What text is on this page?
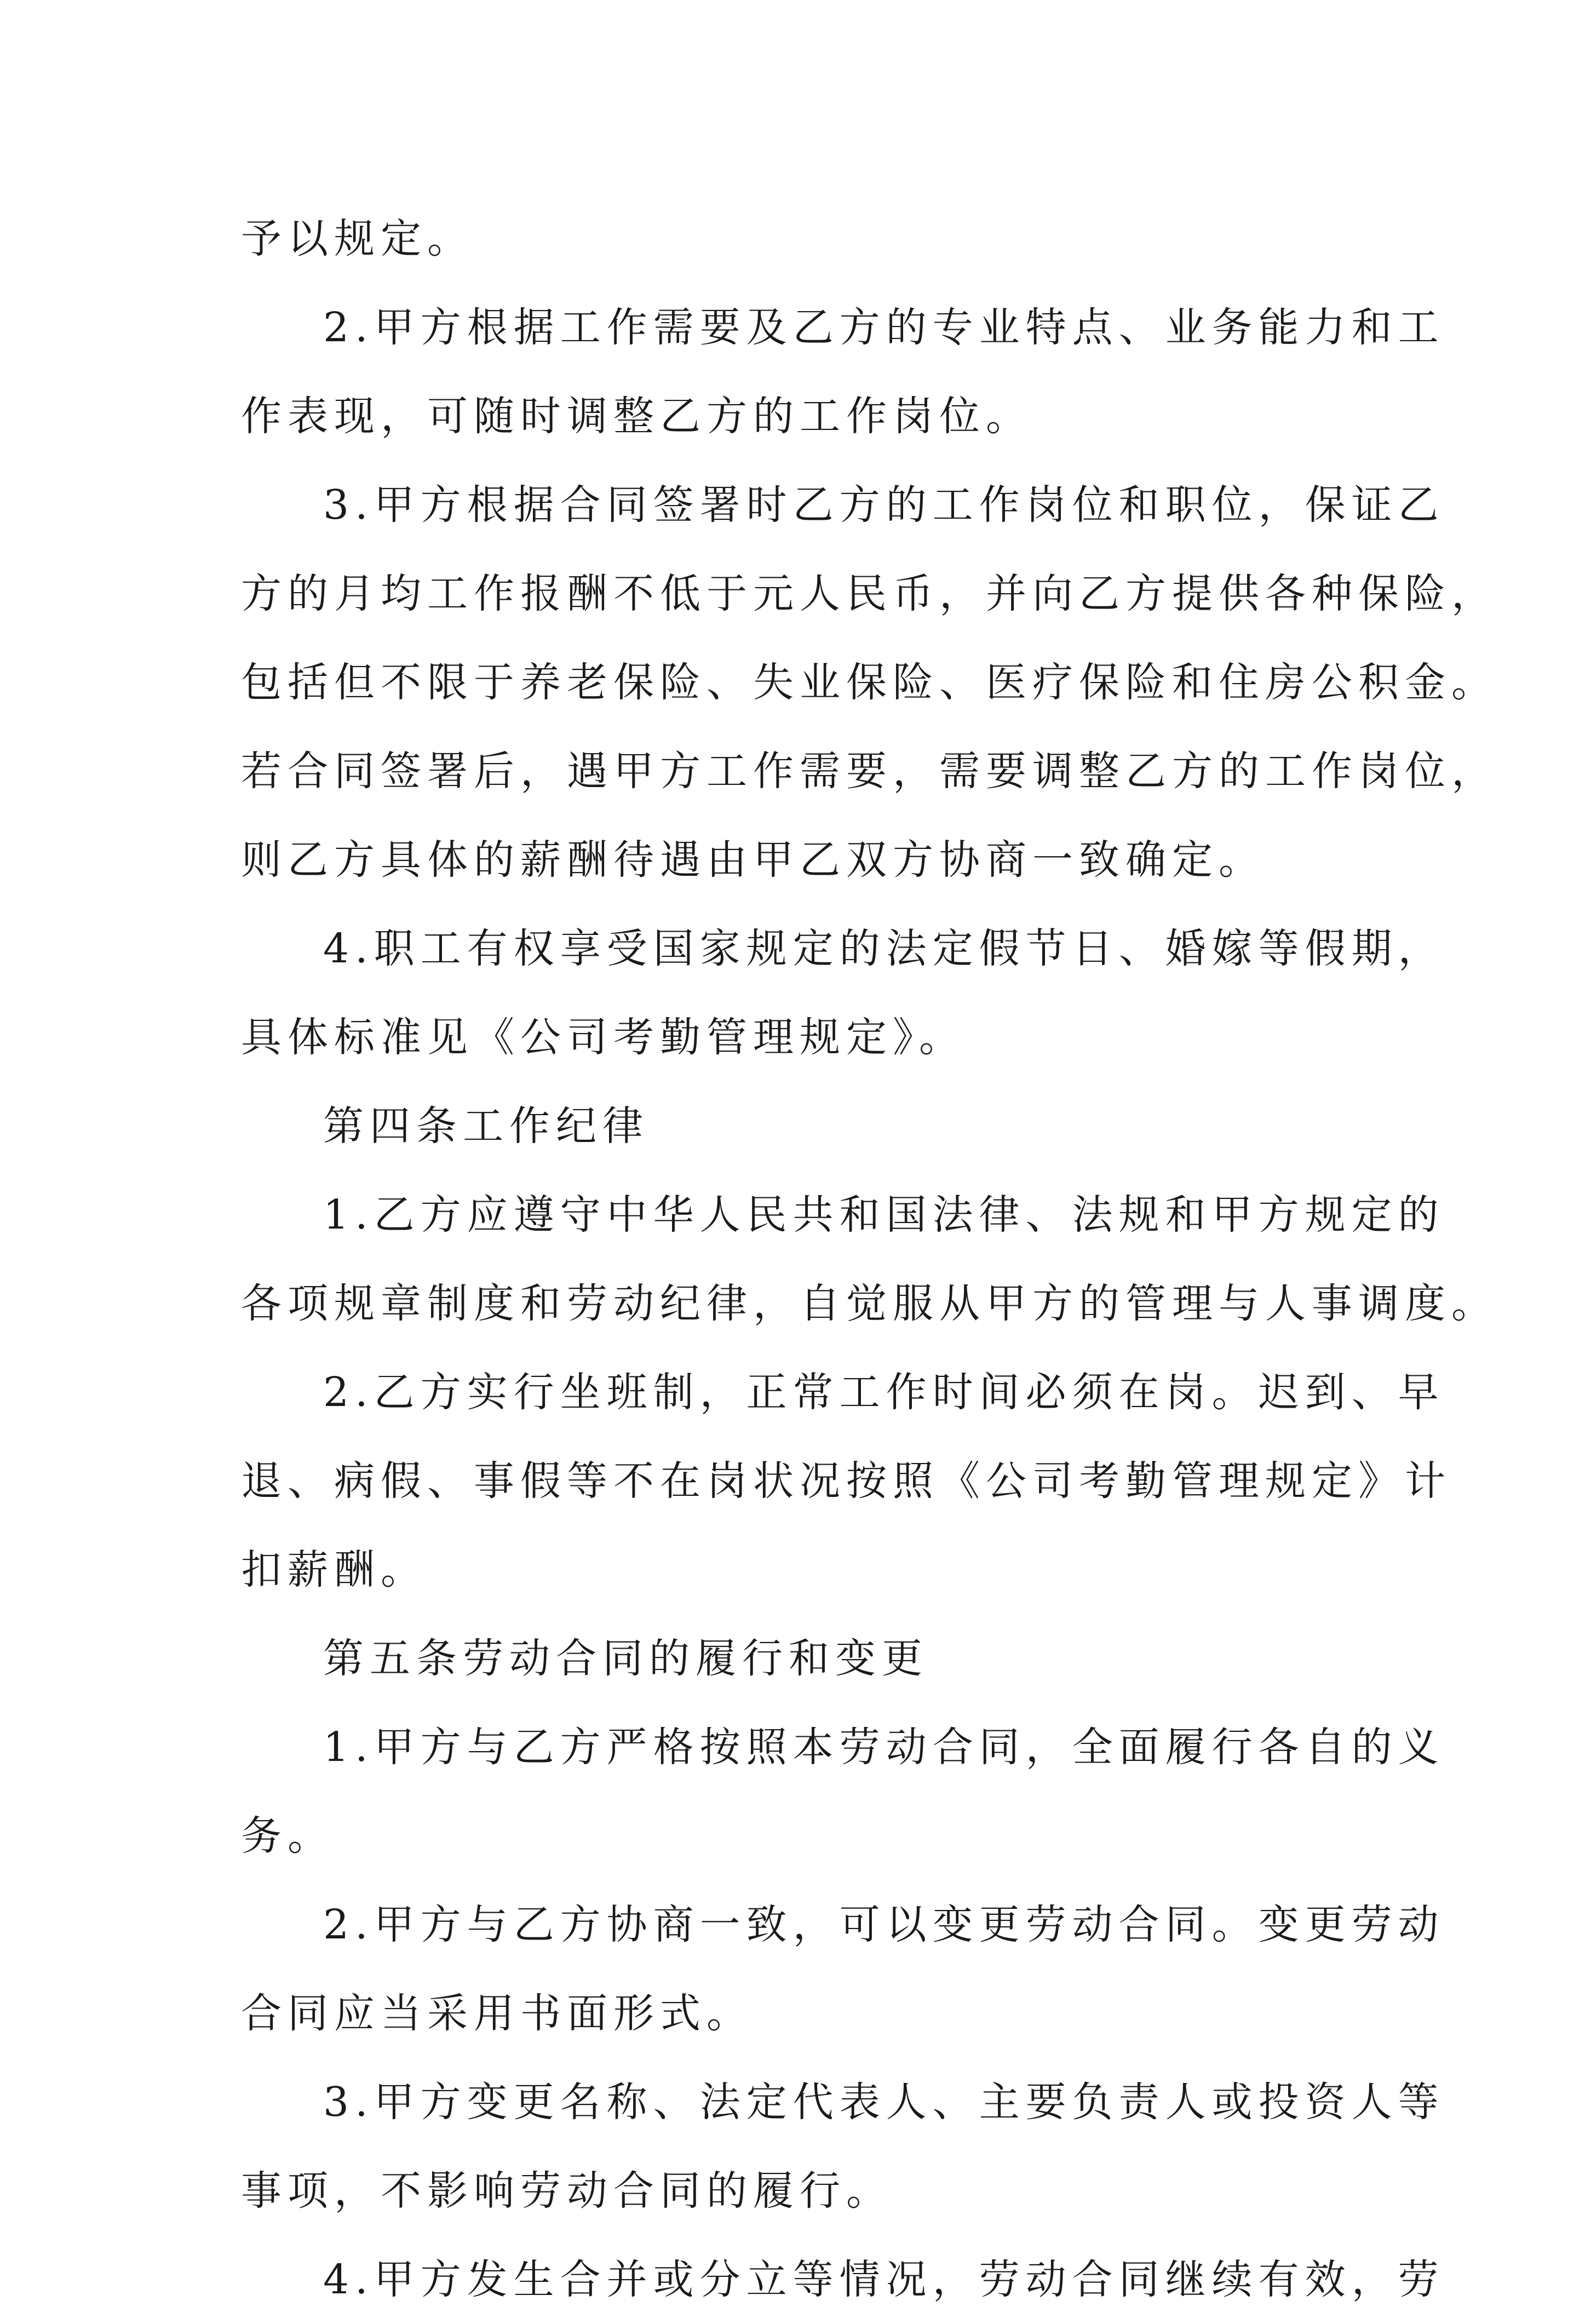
予以规定。

2.甲方根据工作需要及乙方的专业特点、业务能力和工

作表现，可随时调整乙方的工作岗位。

3.甲方根据合同签署时乙方的工作岗位和职位，保证乙

方的月均工作报酬不低于元人民币，并向乙方提供各种保险，

包括但不限于养老保险、失业保险、医疗保险和住房公积金。

若合同签署后，遇甲方工作需要，需要调整乙方的工作岗位，

则乙方具体的薪酬待遇由甲乙双方协商一致确定。

4.职工有权享受国家规定的法定假节日、婚嫁等假期，

具体标准见《公司考勤管理规定》。

第四条工作纪律

1.乙方应遵守中华人民共和国法律、法规和甲方规定的

各项规章制度和劳动纪律，自觉服从甲方的管理与人事调度。

2.乙方实行坐班制，正常工作时间必须在岗。迟到、早

退、病假、事假等不在岗状况按照《公司考勤管理规定》计

扣薪酬。

第五条劳动合同的履行和变更

1.甲方与乙方严格按照本劳动合同，全面履行各自的义

务。

2.甲方与乙方协商一致，可以变更劳动合同。变更劳动

合同应当采用书面形式。

3.甲方变更名称、法定代表人、主要负责人或投资人等

事项，不影响劳动合同的履行。

4.甲方发生合并或分立等情况，劳动合同继续有效，劳
